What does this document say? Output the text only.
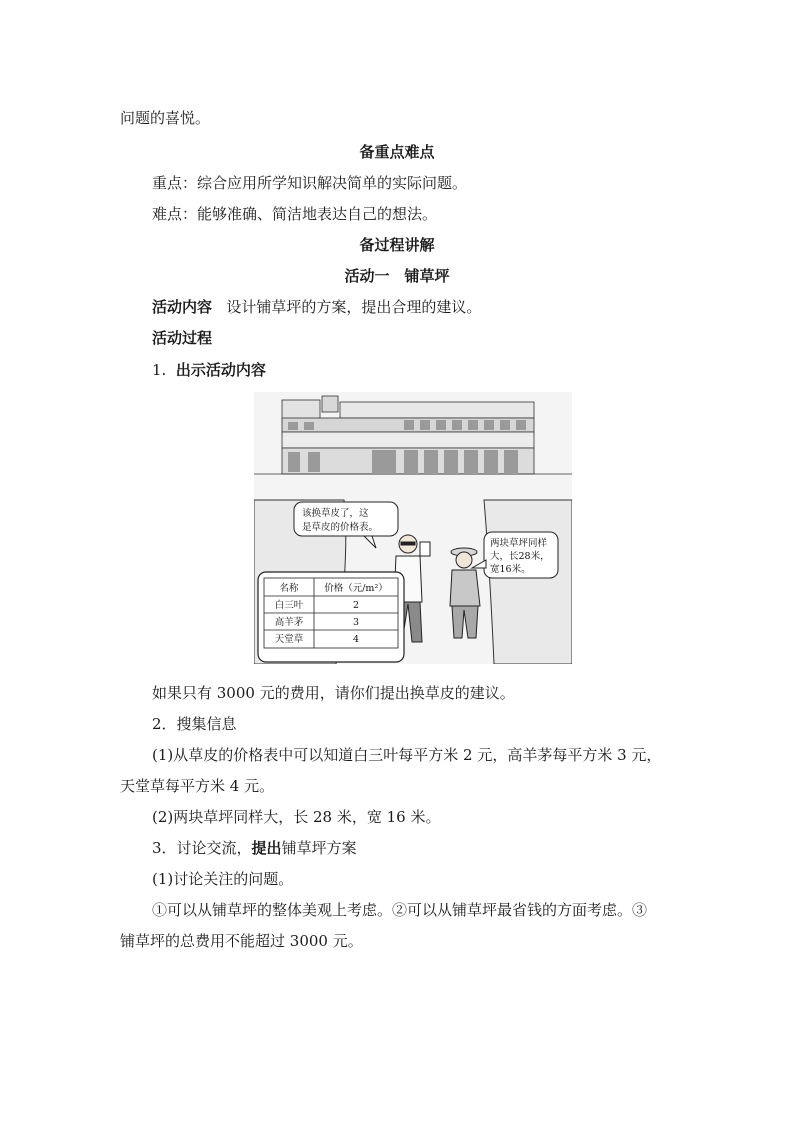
问题的喜悦。
备重点难点
重点：综合应用所学知识解决简单的实际问题。
难点：能够准确、简洁地表达自己的想法。
备过程讲解
活动一　铺草坪
活动内容 设计铺草坪的方案，提出合理的建议。
活动过程
1. 出示活动内容
该换草皮了，这
是草皮的价格表。
两块草坪同样
大，长28米，
宽16米。
名称	价格（元/m²）
白三叶	2
高羊茅	3
天堂草	4
如果只有 3000 元的费用，请你们提出换草皮的建议。
2．搜集信息
(1)从草皮的价格表中可以知道白三叶每平方米 2 元，高羊茅每平方米 3 元，
天堂草每平方米 4 元。
(2)两块草坪同样大，长 28 米，宽 16 米。
3．讨论交流，提出铺草坪方案
(1)讨论关注的问题。
①可以从铺草坪的整体美观上考虑。②可以从铺草坪最省钱的方面考虑。③
铺草坪的总费用不能超过 3000 元。
